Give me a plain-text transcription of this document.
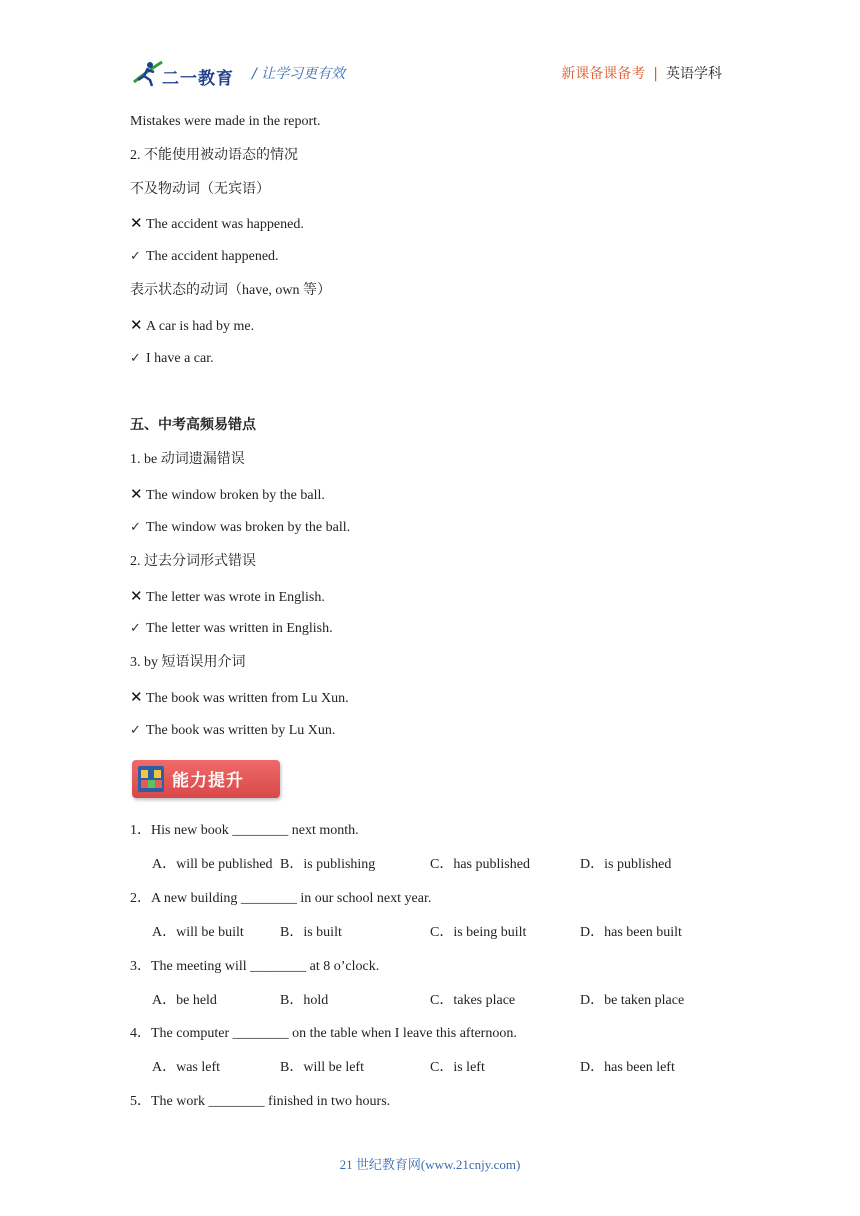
二一教育 / 让学习更有效	新课备课备考 | 英语学科
Mistakes were made in the report.
2. 不能使用被动语态的情况
不及物动词（无宾语）
✕ The accident was happened.
✓ The accident happened.
表示状态的动词（have, own 等）
✕ A car is had by me.
✓ I have a car.
五、中考高频易错点
1. be 动词遗漏错误
✕ The window broken by the ball.
✓ The window was broken by the ball.
2. 过去分词形式错误
✕ The letter was wrote in English.
✓ The letter was written in English.
3. by 短语误用介词
✕ The book was written from Lu Xun.
✓ The book was written by Lu Xun.
能力提升
1．His new book ________ next month.
A．will be published B．is publishing	C．has published	D．is published
2．A new building ________ in our school next year.
A．will be built	B．is built	C．is being built	D．has been built
3．The meeting will ________ at 8 o’clock.
A．be held	B．hold	C．takes place	D．be taken place
4．The computer ________ on the table when I leave this afternoon.
A．was left	B．will be left	C．is left	D．has been left
5．The work ________ finished in two hours.
21 世纪教育网(www.21cnjy.com)
